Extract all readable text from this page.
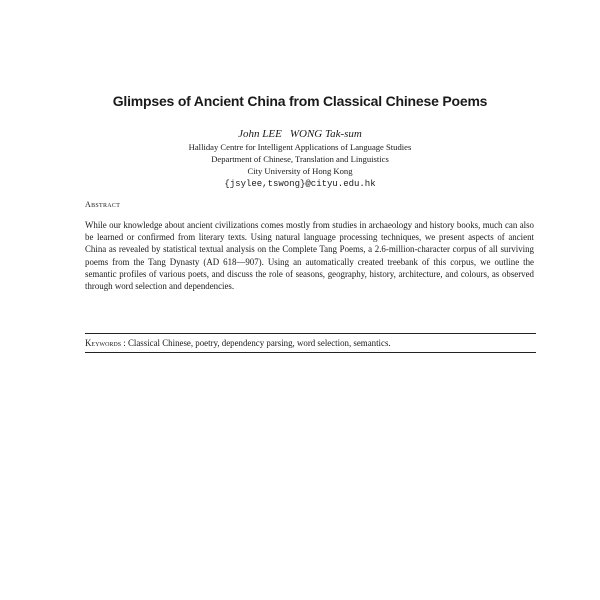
Glimpses of Ancient China from Classical Chinese Poems
John LEE WONG Tak-sum
Halliday Centre for Intelligent Applications of Language Studies
Department of Chinese, Translation and Linguistics
City University of Hong Kong
{jsylee,tswong}@cityu.edu.hk
Abstract
While our knowledge about ancient civilizations comes mostly from studies in archaeology and history books, much can also be learned or confirmed from literary texts. Using natural language processing techniques, we present aspects of ancient China as revealed by statistical textual analysis on the Complete Tang Poems, a 2.6-million-character corpus of all surviving poems from the Tang Dynasty (AD 618—907). Using an automatically created treebank of this corpus, we outline the semantic profiles of various poets, and discuss the role of seasons, geography, history, architecture, and colours, as observed through word selection and dependencies.
Keywords : Classical Chinese, poetry, dependency parsing, word selection, semantics.
